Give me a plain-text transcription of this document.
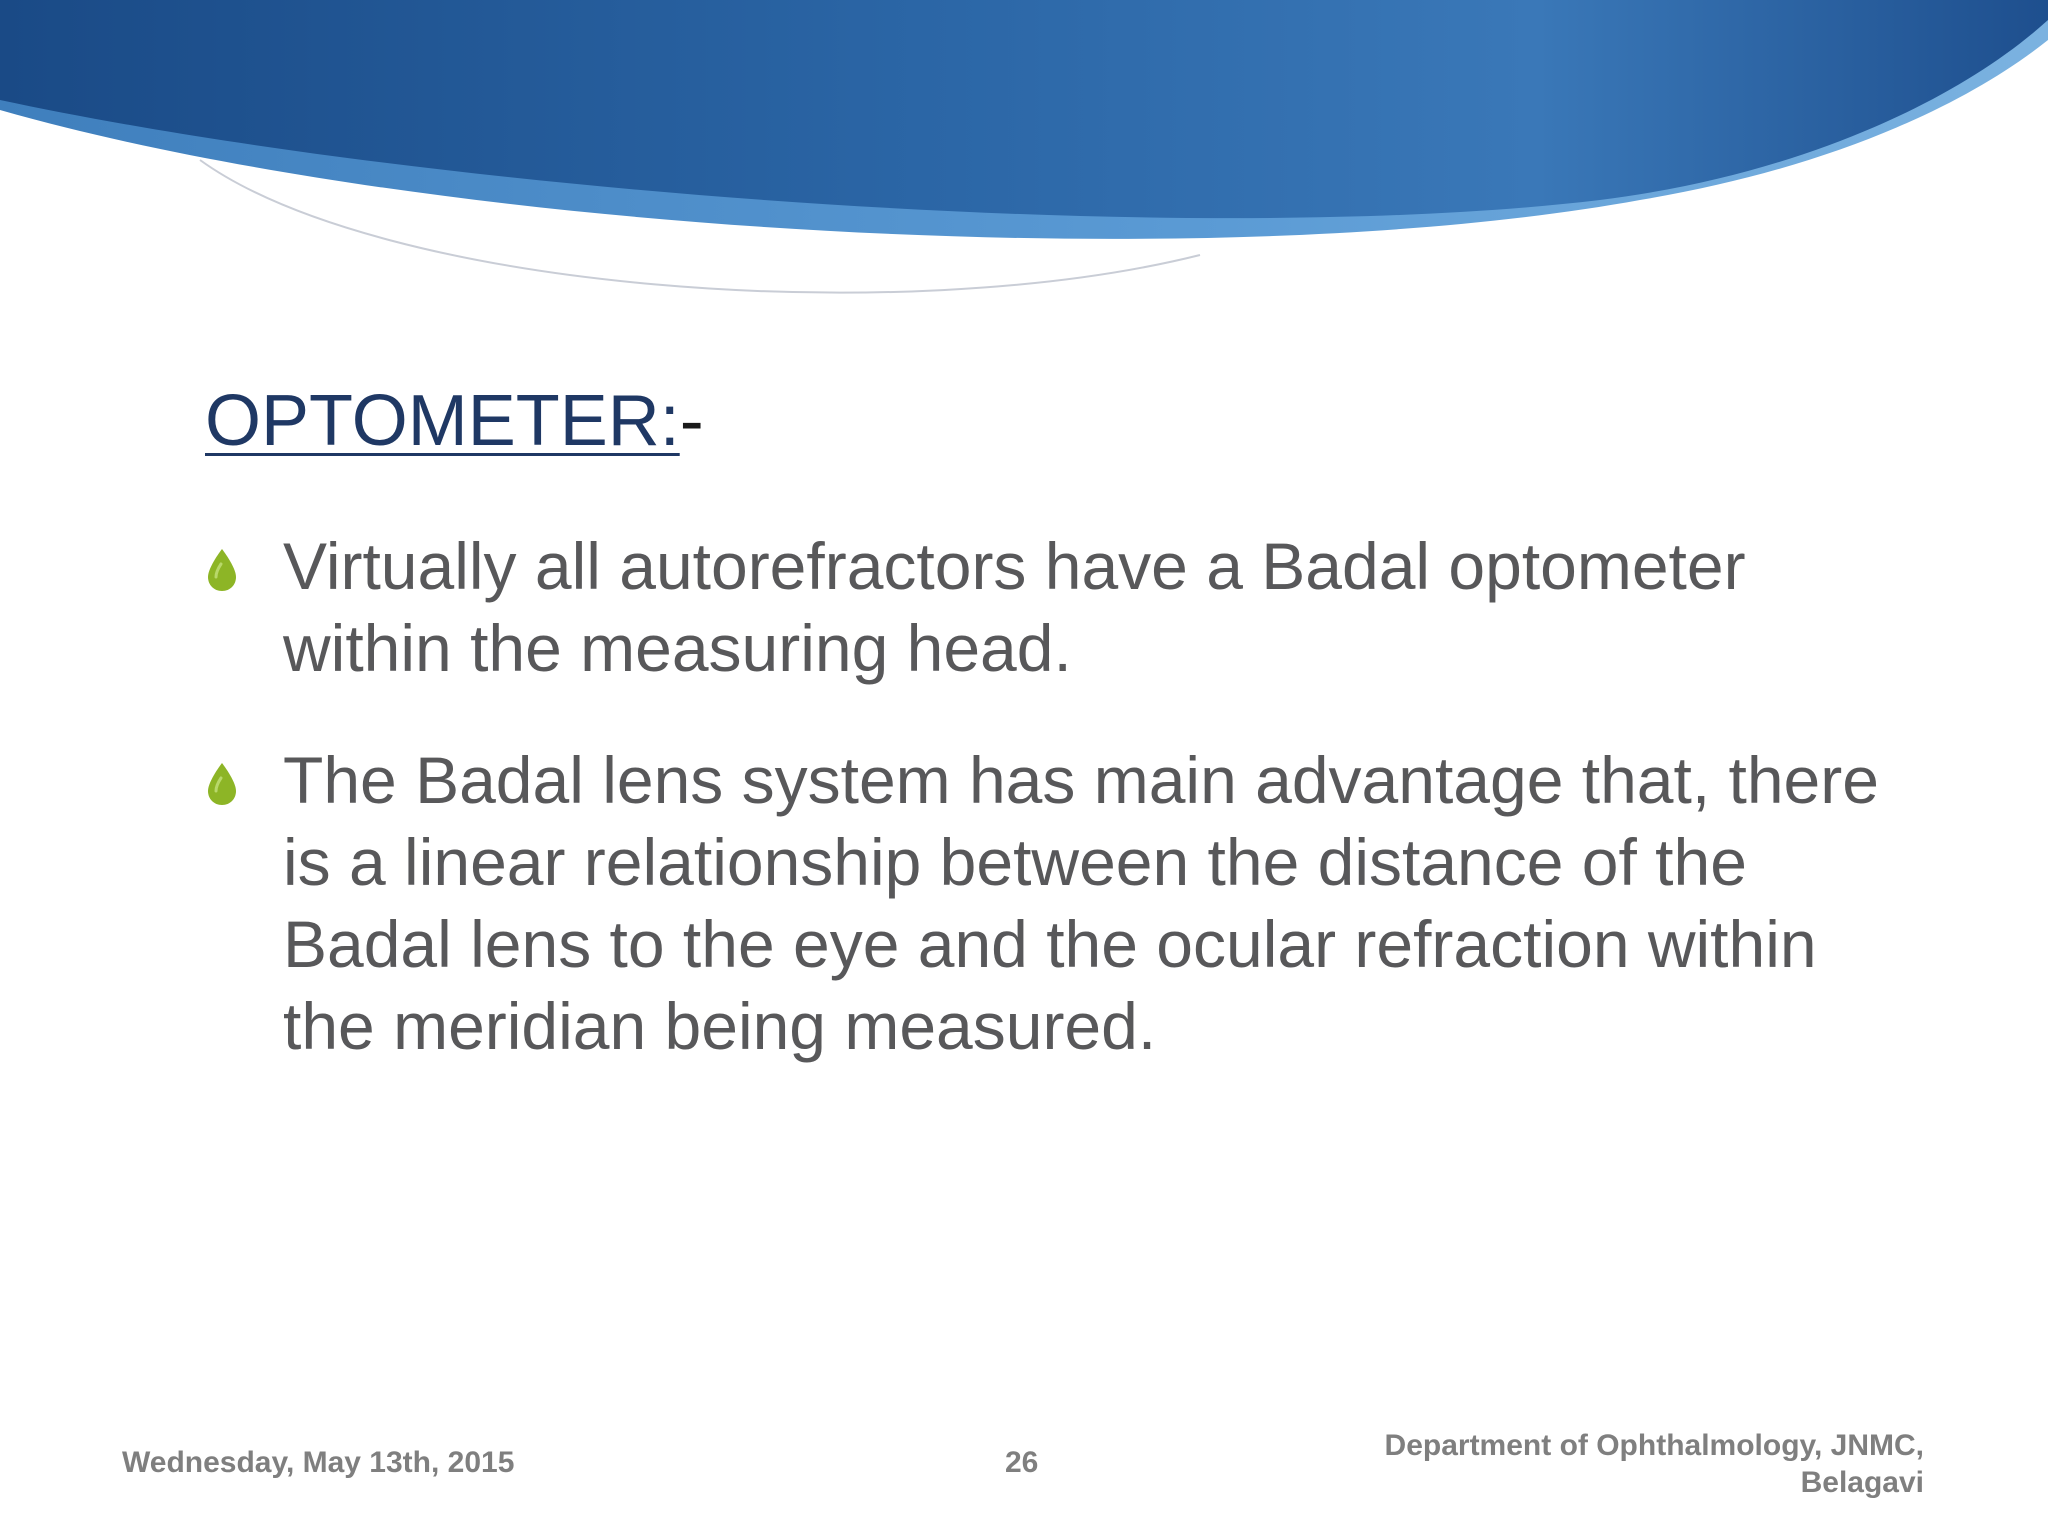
OPTOMETER:-
Virtually all autorefractors have a Badal optometer within the measuring head.
The Badal lens system has main advantage that, there is a linear relationship between the distance of the Badal lens to the eye and the ocular refraction within the meridian being measured.
Wednesday, May 13th, 2015	26
Department of Ophthalmology, JNMC,
Belagavi
